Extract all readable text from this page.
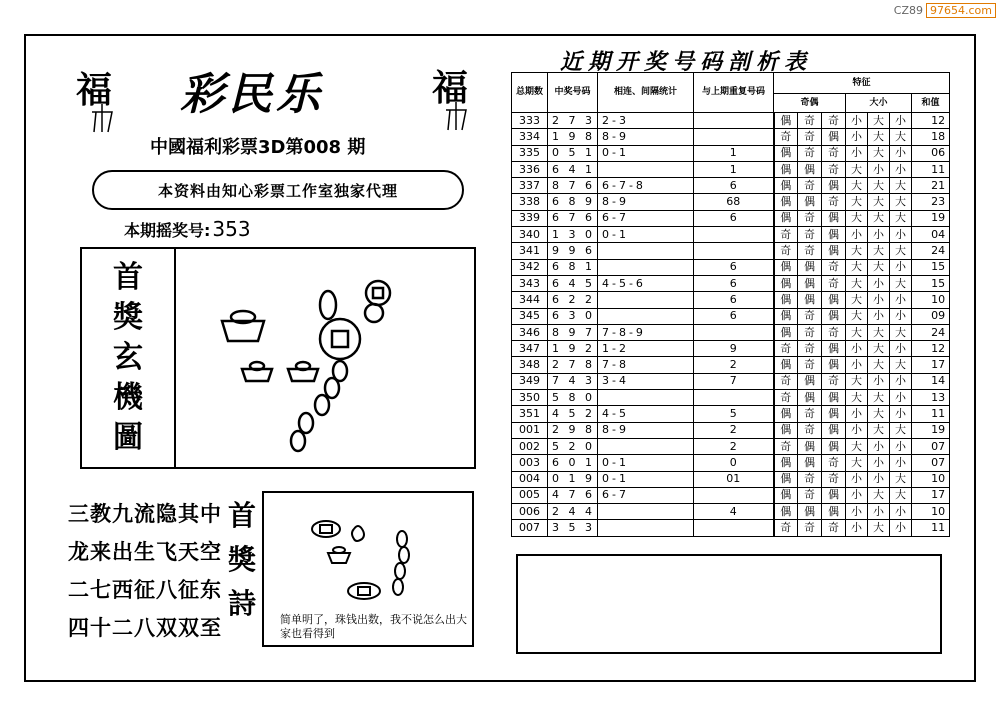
CZ89 97654.com
福	福
彩民乐
中國福利彩票3D第008 期
本资料由知心彩票工作室独家代理
本期摇奖号: 353
首
獎
玄
機
圖
三教九流隐其中
龙来出生飞天空
二七西征八征东
四十二八双双至
首
獎
詩 简单明了，珠钱出数，我不说怎么出大家也看得到
近期开奖号码剖析表
总期数	中奖号码	相连、间隔统计	与上期重复号码	特征						
				奇偶			大小			和值
333	2 7 3	2-3		偶	奇	奇	小	大	小	12
334	1 9 8	8-9		奇	奇	偶	小	大	大	18
335	0 5 1	0-1	1	偶	奇	奇	小	大	小	06
336	6 4 1		1	偶	偶	奇	大	小	小	11
337	8 7 6	6-7-8	6	偶	奇	偶	大	大	大	21
338	6 8 9	8-9	68	偶	偶	奇	大	大	大	23
339	6 7 6	6-7	6	偶	奇	偶	大	大	大	19
340	1 3 0	0-1		奇	奇	偶	小	小	小	04
341	9 9 6			奇	奇	偶	大	大	大	24
342	6 8 1		6	偶	偶	奇	大	大	小	15
343	6 4 5	4-5-6	6	偶	偶	奇	大	小	大	15
344	6 2 2		6	偶	偶	偶	大	小	小	10
345	6 3 0		6	偶	奇	偶	大	小	小	09
346	8 9 7	7-8-9		偶	奇	奇	大	大	大	24
347	1 9 2	1-2	9	奇	奇	偶	小	大	小	12
348	2 7 8	7-8	2	偶	奇	偶	小	大	大	17
349	7 4 3	3-4	7	奇	偶	奇	大	小	小	14
350	5 8 0			奇	偶	偶	大	大	小	13
351	4 5 2	4-5	5	偶	奇	偶	小	大	小	11
001	2 9 8	8-9	2	偶	奇	偶	小	大	大	19
002	5 2 0		2	奇	偶	偶	大	小	小	07
003	6 0 1	0-1	0	偶	偶	奇	大	小	小	07
004	0 1 9	0-1	01	偶	奇	奇	小	小	大	10
005	4 7 6	6-7		偶	奇	偶	小	大	大	17
006	2 4 4		4	偶	偶	偶	小	小	小	10
007	3 5 3			奇	奇	奇	小	大	小	11
